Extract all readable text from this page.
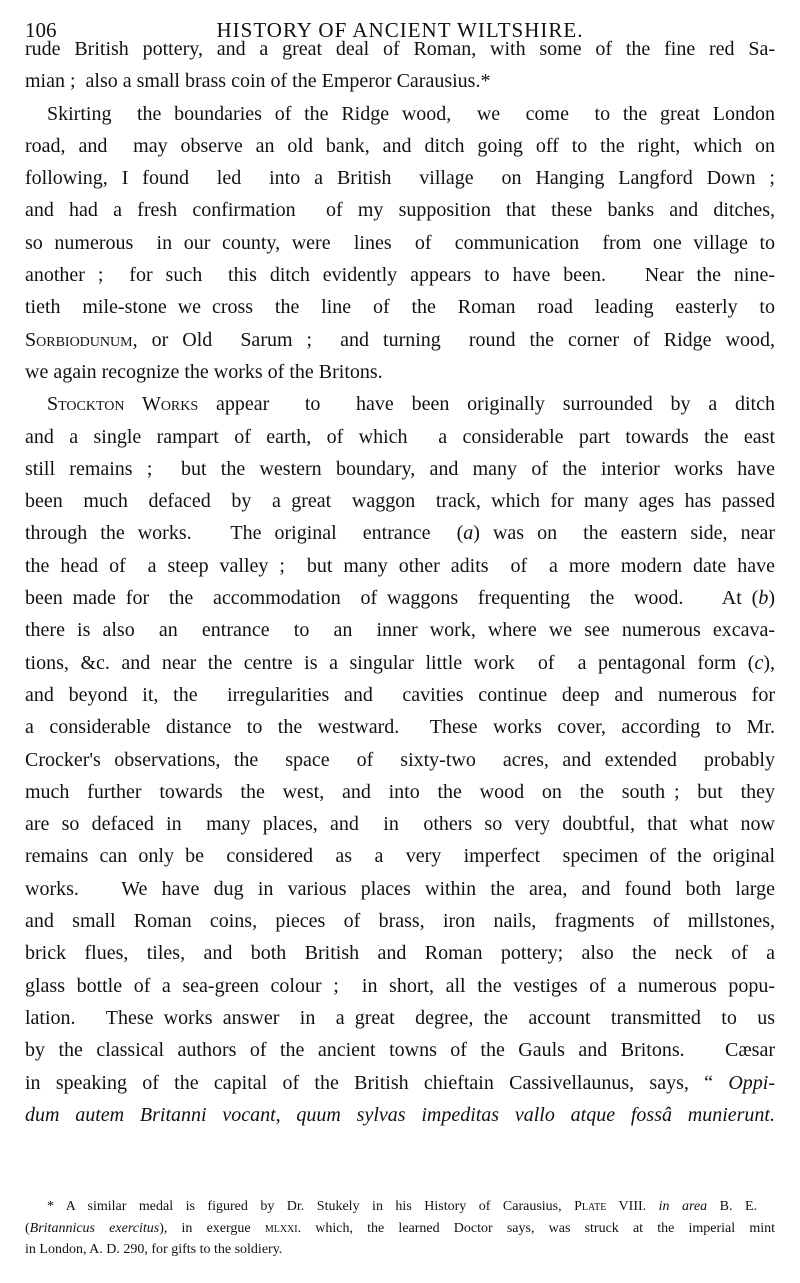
106	HISTORY OF ANCIENT WILTSHIRE.
rude British pottery, and a great deal of Roman, with some of the fine red Sa-
mian ;  also a small brass coin of the Emperor Carausius.*
Skirting  the boundaries of the Ridge wood,  we  come  to the great London
road, and  may observe an old bank, and ditch going off to the right, which on
following, I found  led  into a British  village  on Hanging Langford Down ;
and had a fresh confirmation  of my supposition that these banks and ditches,
so numerous  in our county, were  lines  of  communication  from one village to
another ;  for such  this ditch evidently appears to have been.   Near the nine-
tieth  mile-stone we cross  the  line  of  the  Roman  road  leading  easterly  to
Sorbiodunum, or Old  Sarum ;  and turning  round the corner of Ridge wood,
we again recognize the works of the Britons.
Stockton Works appear  to  have been originally surrounded by a ditch
and a single rampart of earth, of which  a considerable part towards the east
still remains ;  but the western boundary, and many of the interior works have
been  much  defaced  by  a great  waggon  track, which for many ages has passed
through the works.   The original  entrance  (a) was on  the eastern side, near
the head of  a steep valley ;  but many other adits  of  a more modern date have
been made for  the  accommodation  of waggons  frequenting  the  wood.    At (b)
there is also  an  entrance  to  an  inner work, where we see numerous excava-
tions, &c. and near the centre is a singular little work  of  a pentagonal form (c),
and beyond it, the  irregularities and  cavities continue deep and numerous for
a considerable distance to the westward.  These works cover, according to Mr.
Crocker's observations, the  space  of  sixty-two  acres, and extended  probably
much  further  towards  the  west,  and  into  the  wood  on  the  south ;  but  they
are so defaced in  many places, and  in  others so very doubtful, that what now
remains can only be  considered  as  a  very  imperfect  specimen of the original
works.   We have dug in various places within the area, and found both large
and  small  Roman  coins,  pieces  of  brass,  iron  nails,  fragments  of  millstones,
brick  flues,  tiles,  and  both  British  and  Roman  pottery;  also  the  neck  of  a
glass bottle of a sea-green colour ;  in short, all the vestiges of a numerous popu-
lation.   These works answer  in  a great  degree, the  account  transmitted  to  us
by the classical authors of the ancient towns of the Gauls and Britons.   Cæsar
in speaking of the capital of the British chieftain Cassivellaunus, says, “ Oppi-
dum  autem  Britanni  vocant,  quum  sylvas  impeditas  vallo  atque  fossâ  munierunt.
* A similar medal is figured by Dr. Stukely in his History of Carausius, Plate VIII. in area B. E.
(Britannicus exercitus), in exergue mlxxi. which, the learned Doctor says, was struck at the imperial mint
in London, A. D. 290, for gifts to the soldiery.
